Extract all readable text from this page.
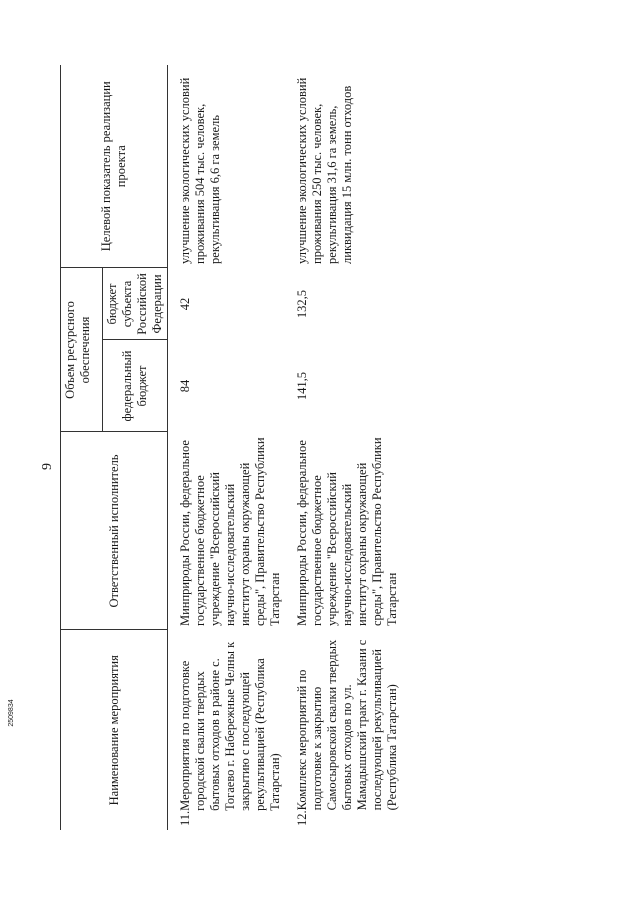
2509834
9
Наименование мероприятия	Ответственный исполнитель	Объем ресурсного обеспечения		Целевой показатель реализации проекта
		федеральный бюджет	бюджет субъекта Российской Федерации	

11.
Мероприятия по подготовке городской свалки твердых бытовых отходов в районе с. Тогаево г. Набережные Челны к закрытию с последующей рекультивацией (Республика Татарстан)	Минприроды России, федеральное государственное бюджетное учреждение "Всероссийский научно-исследовательский институт охраны окружающей среды", Правительство Республики Татарстан	84	42	улучшение экологических условий проживания 504 тыс. человек, рекультивация 6,6 га земель

12.
Комплекс мероприятий по подготовке к закрытию Самосыровской свалки твердых бытовых отходов по ул. Мамадышский тракт г. Казани с последующей рекультивацией (Республика Татарстан)	Минприроды России, федеральное государственное бюджетное учреждение "Всероссийский научно-исследовательский институт охраны окружающей среды", Правительство Республики Татарстан	141,5	132,5	улучшение экологических условий проживания 250 тыс. человек, рекультивация 31,6 га земель, ликвидация 15 млн. тонн отходов
